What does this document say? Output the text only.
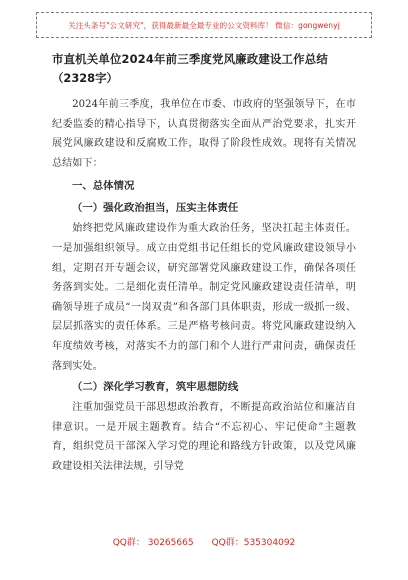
关注头条号"公文研究"，获得最新最全最专业的公文资料库！ 微信：gongwenyj
市直机关单位2024年前三季度党风廉政建设工作总结
（2328字）

2024年前三季度，我单位在市委、市政府的坚强领导下，在市纪委监委的精心指导下，认真贯彻落实全面从严治党要求，扎实开展党风廉政建设和反腐败工作，取得了阶段性成效。现将有关情况总结如下：

一、总体情况
（一）强化政治担当，压实主体责任

始终把党风廉政建设作为重大政治任务，坚决扛起主体责任。一是加强组织领导。成立由党组书记任组长的党风廉政建设领导小组，定期召开专题会议，研究部署党风廉政建设工作，确保各项任务落到实处。二是细化责任清单。制定党风廉政建设责任清单，明确领导班子成员“一岗双责”和各部门具体职责，形成一级抓一级、层层抓落实的责任体系。三是严格考核问责。将党风廉政建设纳入年度绩效考核，对落实不力的部门和个人进行严肃问责，确保责任落到实处。

（二）深化学习教育，筑牢思想防线

注重加强党员干部思想政治教育，不断提高政治站位和廉洁自律意识。一是开展主题教育。结合“不忘初心、牢记使命”主题教育，组织党员干部深入学习党的理论和路线方针政策，以及党风廉政建设相关法律法规，引导党

QQ群： 30265665 QQ群：535304092
